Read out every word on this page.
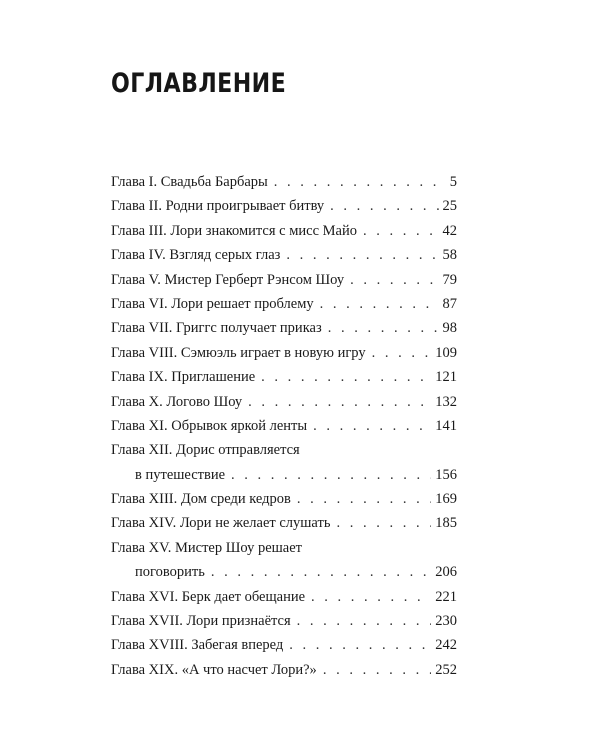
ОГЛАВЛЕНИЕ
Глава I. Свадьба Барбары . . .	5
Глава II. Родни проигрывает битву . . .	25
Глава III. Лори знакомится с мисс Майо . . .	42
Глава IV. Взгляд серых глаз . . .	58
Глава V. Мистер Герберт Рэнсом Шоу . . .	79
Глава VI. Лори решает проблему . . .	87
Глава VII. Григгс получает приказ . . .	98
Глава VIII. Сэмюэль играет в новую игру . . .	109
Глава IX. Приглашение . . .	121
Глава X. Логово Шоу . . .	132
Глава XI. Обрывок яркой ленты . . .	141
Глава XII. Дорис отправляется
в путешествие . . .	156
Глава XIII. Дом среди кедров . . .	169
Глава XIV. Лори не желает слушать . . .	185
Глава XV. Мистер Шоу решает
поговорить . . .	206
Глава XVI. Берк дает обещание . . .	221
Глава XVII. Лори признаётся . . .	230
Глава XVIII. Забегая вперед . . .	242
Глава XIX. «А что насчет Лори?» . . .	252
